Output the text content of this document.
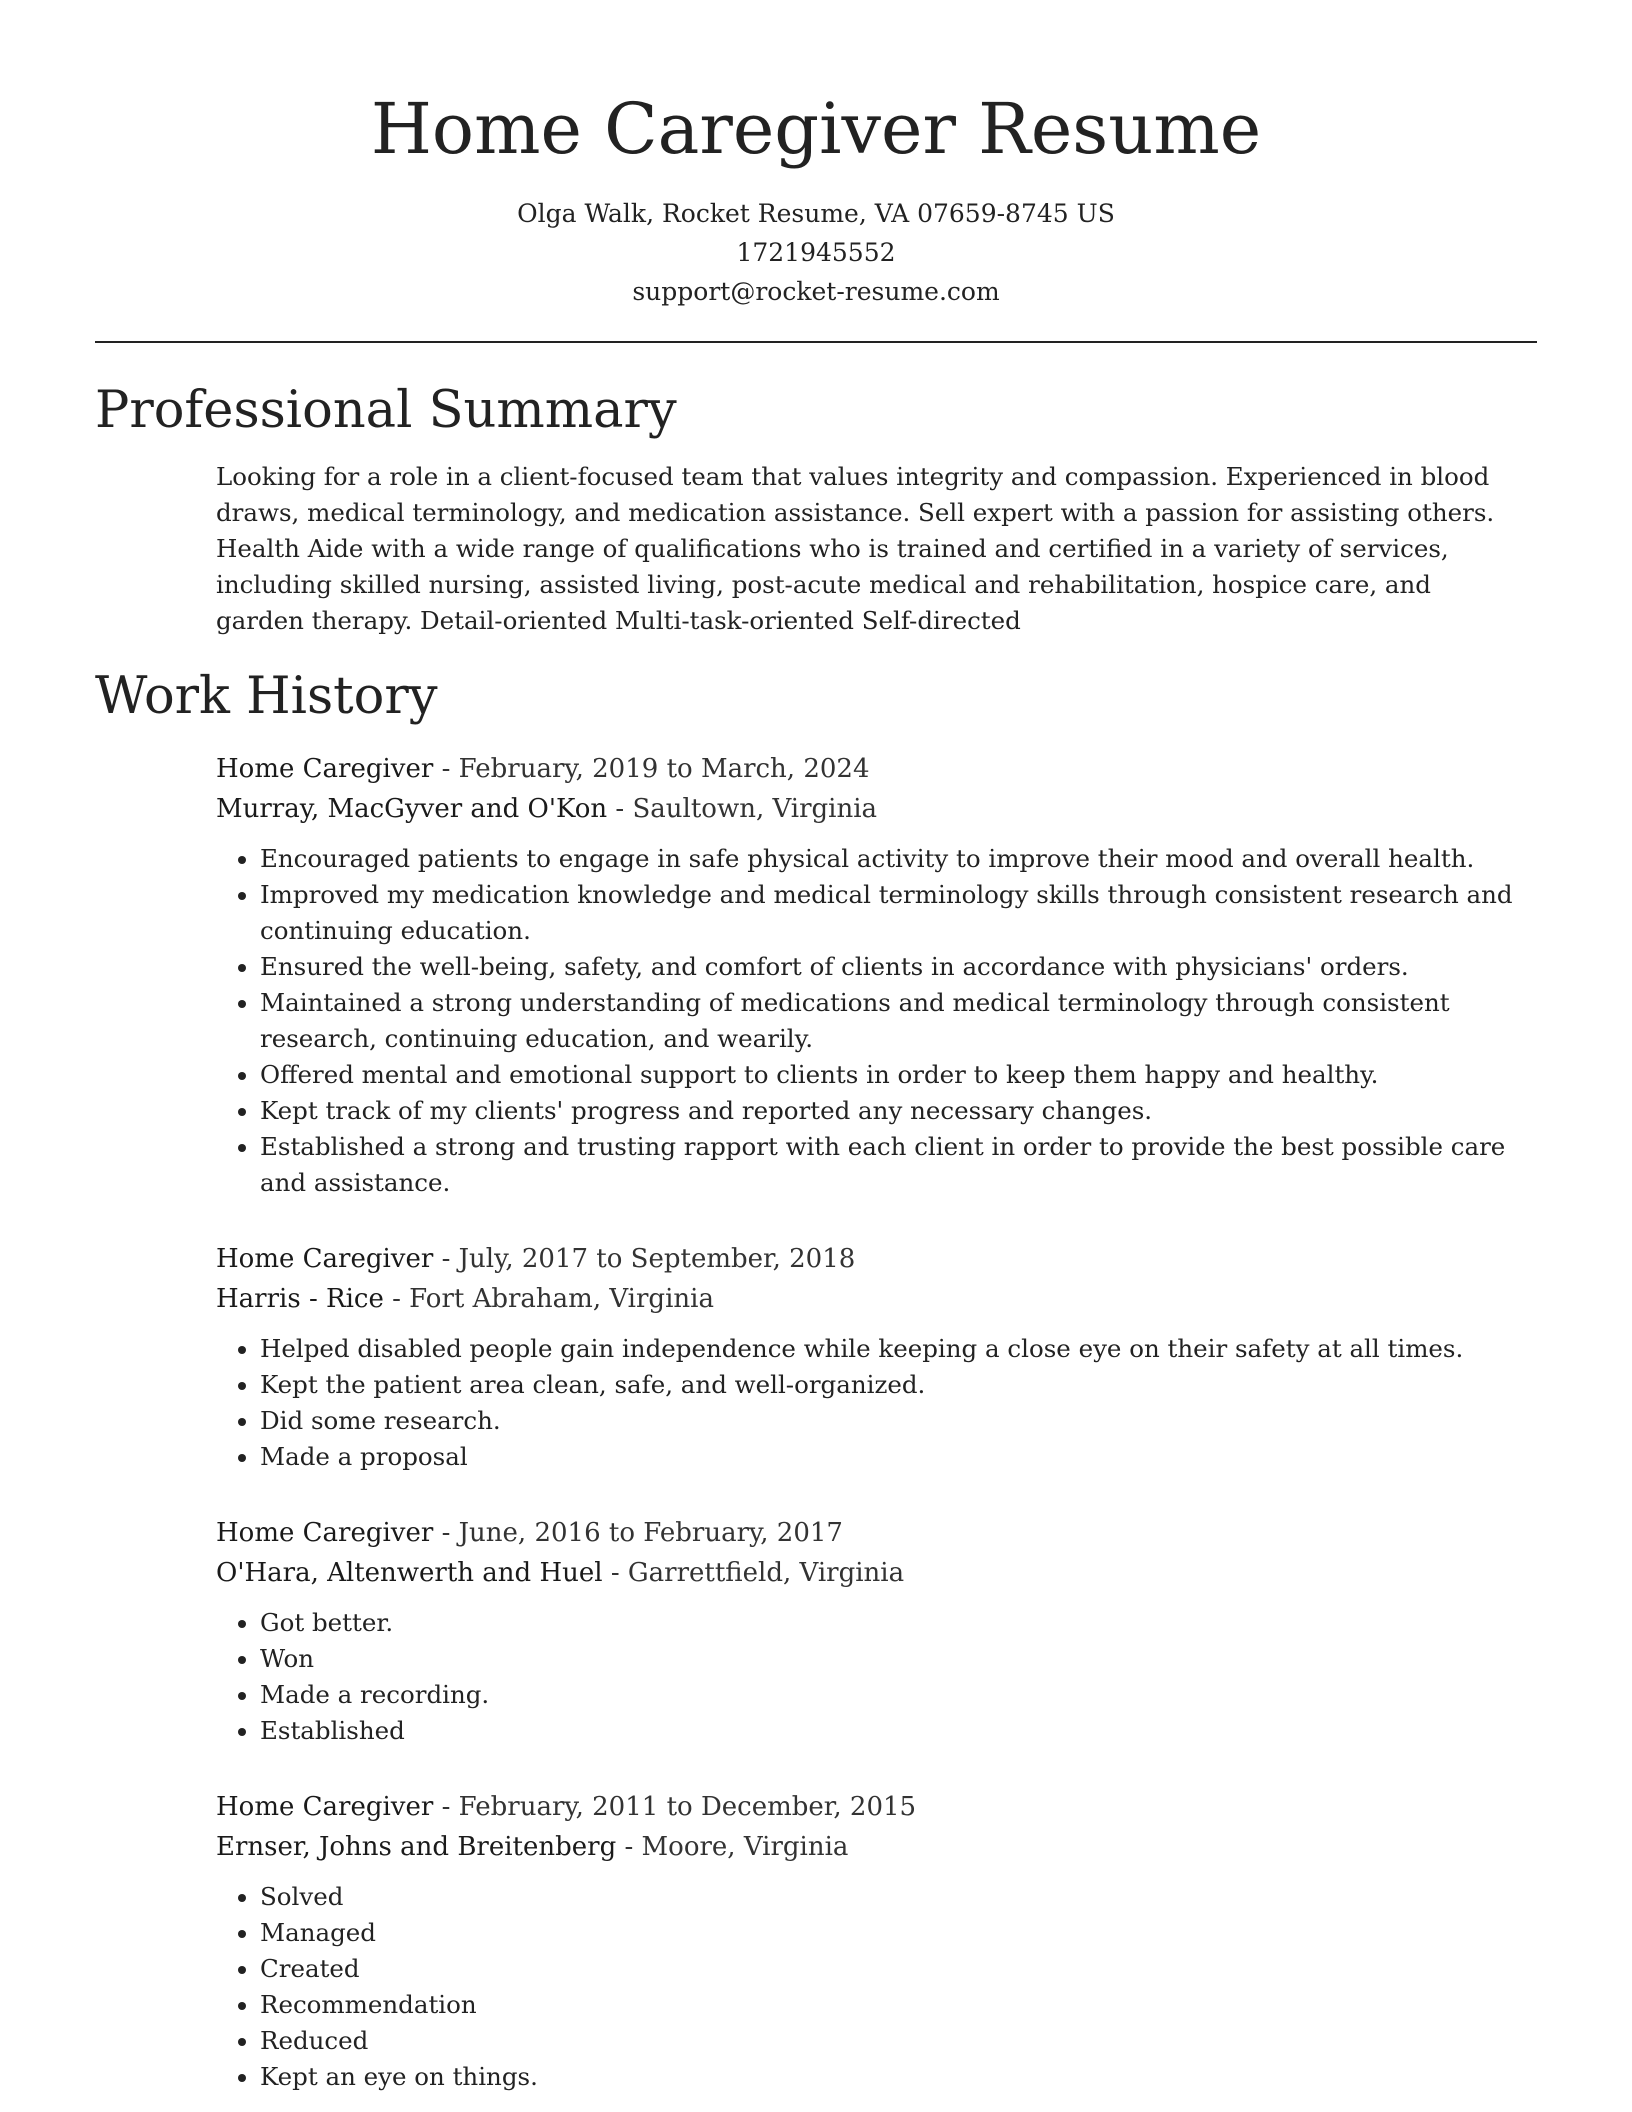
Home Caregiver Resume
Olga Walk, Rocket Resume, VA 07659-8745 US
1721945552
support@rocket-resume.com
Professional Summary

Looking for a role in a client-focused team that values integrity and compassion. Experienced in blood draws, medical terminology, and medication assistance. Sell expert with a passion for assisting others. Health Aide with a wide range of qualifications who is trained and certified in a variety of services, including skilled nursing, assisted living, post-acute medical and rehabilitation, hospice care, and garden therapy. Detail-oriented Multi-task-oriented Self-directed

Work History
Home Caregiver - February, 2019 to March, 2024
Murray, MacGyver and O'Kon - Saultown, Virginia
• Encouraged patients to engage in safe physical activity to improve their mood and overall health.
• Improved my medication knowledge and medical terminology skills through consistent research and continuing education.
• Ensured the well-being, safety, and comfort of clients in accordance with physicians' orders.
• Maintained a strong understanding of medications and medical terminology through consistent research, continuing education, and wearily.
• Offered mental and emotional support to clients in order to keep them happy and healthy.
• Kept track of my clients' progress and reported any necessary changes.
• Established a strong and trusting rapport with each client in order to provide the best possible care and assistance.
Home Caregiver - July, 2017 to September, 2018
Harris - Rice - Fort Abraham, Virginia
• Helped disabled people gain independence while keeping a close eye on their safety at all times.
• Kept the patient area clean, safe, and well-organized.
• Did some research.
• Made a proposal
Home Caregiver - June, 2016 to February, 2017
O'Hara, Altenwerth and Huel - Garrettfield, Virginia
• Got better.
• Won
• Made a recording.
• Established
Home Caregiver - February, 2011 to December, 2015
Ernser, Johns and Breitenberg - Moore, Virginia
• Solved
• Managed
• Created
• Recommendation
• Reduced
• Kept an eye on things.
